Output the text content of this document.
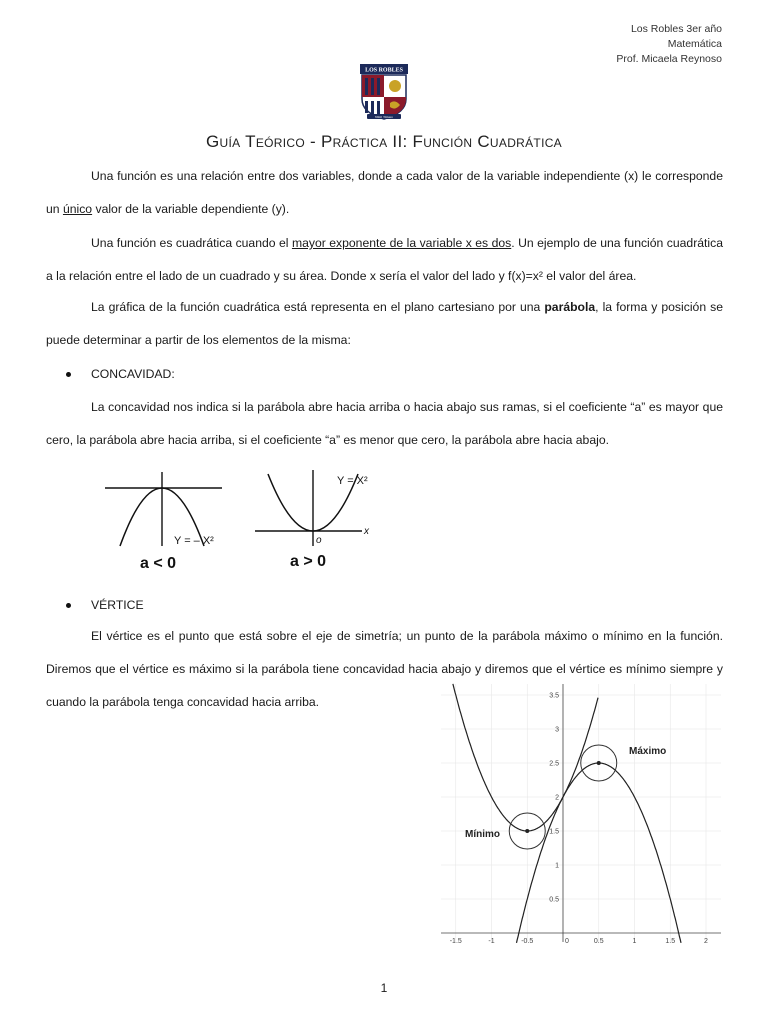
Los Robles 3er año
Matemática
Prof. Micaela Reynoso
LOS ROBLES
Nihil Timere
Guía Teórico - Práctica II: Función Cuadrática

Una función es una relación entre dos variables, donde a cada valor de la variable independiente (x) le corresponde un único valor de la variable dependiente (y).

Una función es cuadrática cuando el mayor exponente de la variable x es dos. Un ejemplo de una función cuadrática a la relación entre el lado de un cuadrado y su área. Donde x sería el valor del lado y f(x)=x² el valor del área.

La gráfica de la función cuadrática está representa en el plano cartesiano por una parábola, la forma y posición se puede determinar a partir de los elementos de la misma:

CONCAVIDAD:

La concavidad nos indica si la parábola abre hacia arriba o hacia abajo sus ramas, si el coeficiente “a” es mayor que cero, la parábola abre hacia arriba, si el coeficiente “a” es menor que cero, la parábola abre hacia abajo.

Y = – X²
a < 0
Y = X²
x
o
a > 0
VÉRTICE

El vértice es el punto que está sobre el eje de simetría; un punto de la parábola máximo o mínimo en la función. Diremos que el vértice es máximo si la parábola tiene concavidad hacia abajo y diremos que el vértice es mínimo siempre y cuando la parábola tenga concavidad hacia arriba.

-1.5	-1	-0.5	0	0.5	1	1.5	2
0.5
1
1.5
2
2.5
3
3.5
Máximo
Mínimo
1
